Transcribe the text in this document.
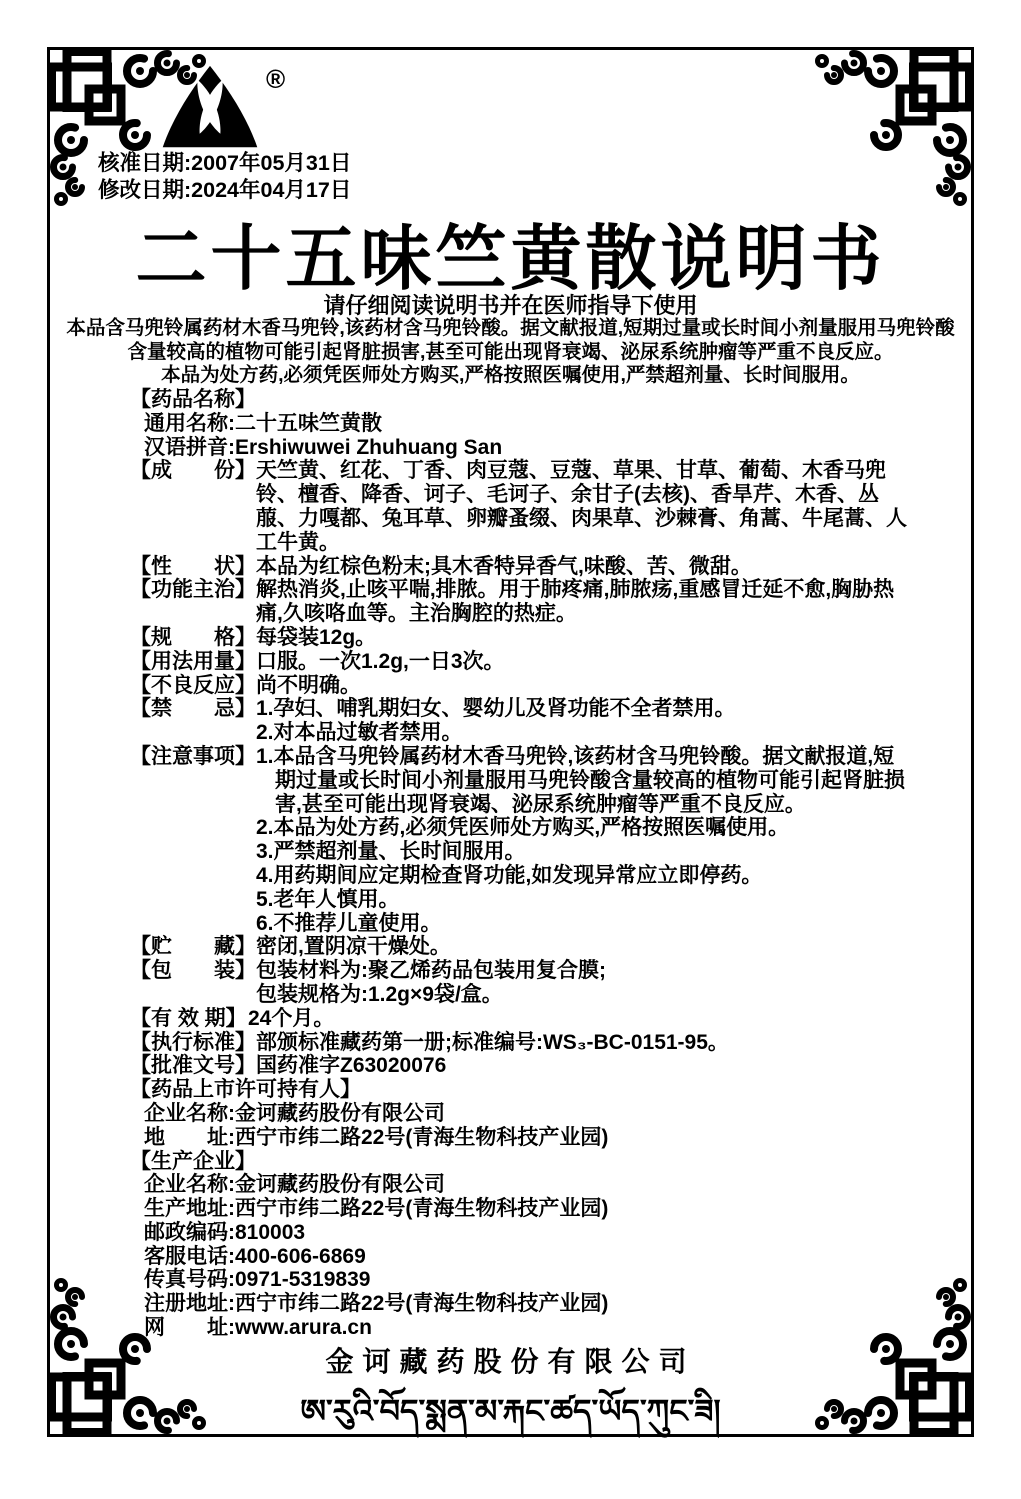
®
核准日期:2007年05月31日
修改日期:2024年04月17日
二十五味竺黄散说明书
请仔细阅读说明书并在医师指导下使用
本品含马兜铃属药材木香马兜铃,该药材含马兜铃酸。据文献报道,短期过量或长时间小剂量服用马兜铃酸
含量较高的植物可能引起肾脏损害,甚至可能出现肾衰竭、泌尿系统肿瘤等严重不良反应。
本品为处方药,必须凭医师处方购买,严格按照医嘱使用,严禁超剂量、长时间服用。
【药品名称】
通用名称:二十五味竺黄散
汉语拼音:Ershiwuwei Zhuhuang San
【成　　份】 天竺黄、红花、丁香、肉豆蔻、豆蔻、草果、甘草、葡萄、木香马兜铃、檀香、降香、诃子、毛诃子、余甘子(去核)、香旱芹、木香、丛菔、力嘎都、兔耳草、卵瓣蚤缀、肉果草、沙棘膏、角蒿、牛尾蒿、人工牛黄。
【性　　状】 本品为红棕色粉末;具木香特异香气,味酸、苦、微甜。
【功能主治】 解热消炎,止咳平喘,排脓。用于肺疼痛,肺脓疡,重感冒迁延不愈,胸胁热痛,久咳咯血等。主治胸腔的热症。
【规　　格】 每袋装12g。
【用法用量】 口服。一次1.2g,一日3次。
【不良反应】 尚不明确。
【禁　　忌】 1.孕妇、哺乳期妇女、婴幼儿及肾功能不全者禁用。
2.对本品过敏者禁用。
【注意事项】 1.本品含马兜铃属药材木香马兜铃,该药材含马兜铃酸。据文献报道,短期过量或长时间小剂量服用马兜铃酸含量较高的植物可能引起肾脏损害,甚至可能出现肾衰竭、泌尿系统肿瘤等严重不良反应。
2.本品为处方药,必须凭医师处方购买,严格按照医嘱使用。
3.严禁超剂量、长时间服用。
4.用药期间应定期检查肾功能,如发现异常应立即停药。
5.老年人慎用。
6.不推荐儿童使用。
【贮　　藏】 密闭,置阴凉干燥处。
【包　　装】 包装材料为:聚乙烯药品包装用复合膜;
包装规格为:1.2g×9袋/盒。
【有 效 期】 24个月。
【执行标准】 部颁标准藏药第一册;标准编号:WS₃-BC-0151-95。
【批准文号】 国药准字Z63020076
【药品上市许可持有人】
企业名称:金诃藏药股份有限公司
地　　址:西宁市纬二路22号(青海生物科技产业园)
【生产企业】
企业名称:金诃藏药股份有限公司
生产地址:西宁市纬二路22号(青海生物科技产业园)
邮政编码:810003
客服电话:400-606-6869
传真号码:0971-5319839
注册地址:西宁市纬二路22号(青海生物科技产业园)
网　　址:www.arura.cn
金诃藏药股份有限公司
ཨ་རུའི་བོད་སྨན་མ་རྐང་ཚད་ཡོད་ཀུང་ཟི།
